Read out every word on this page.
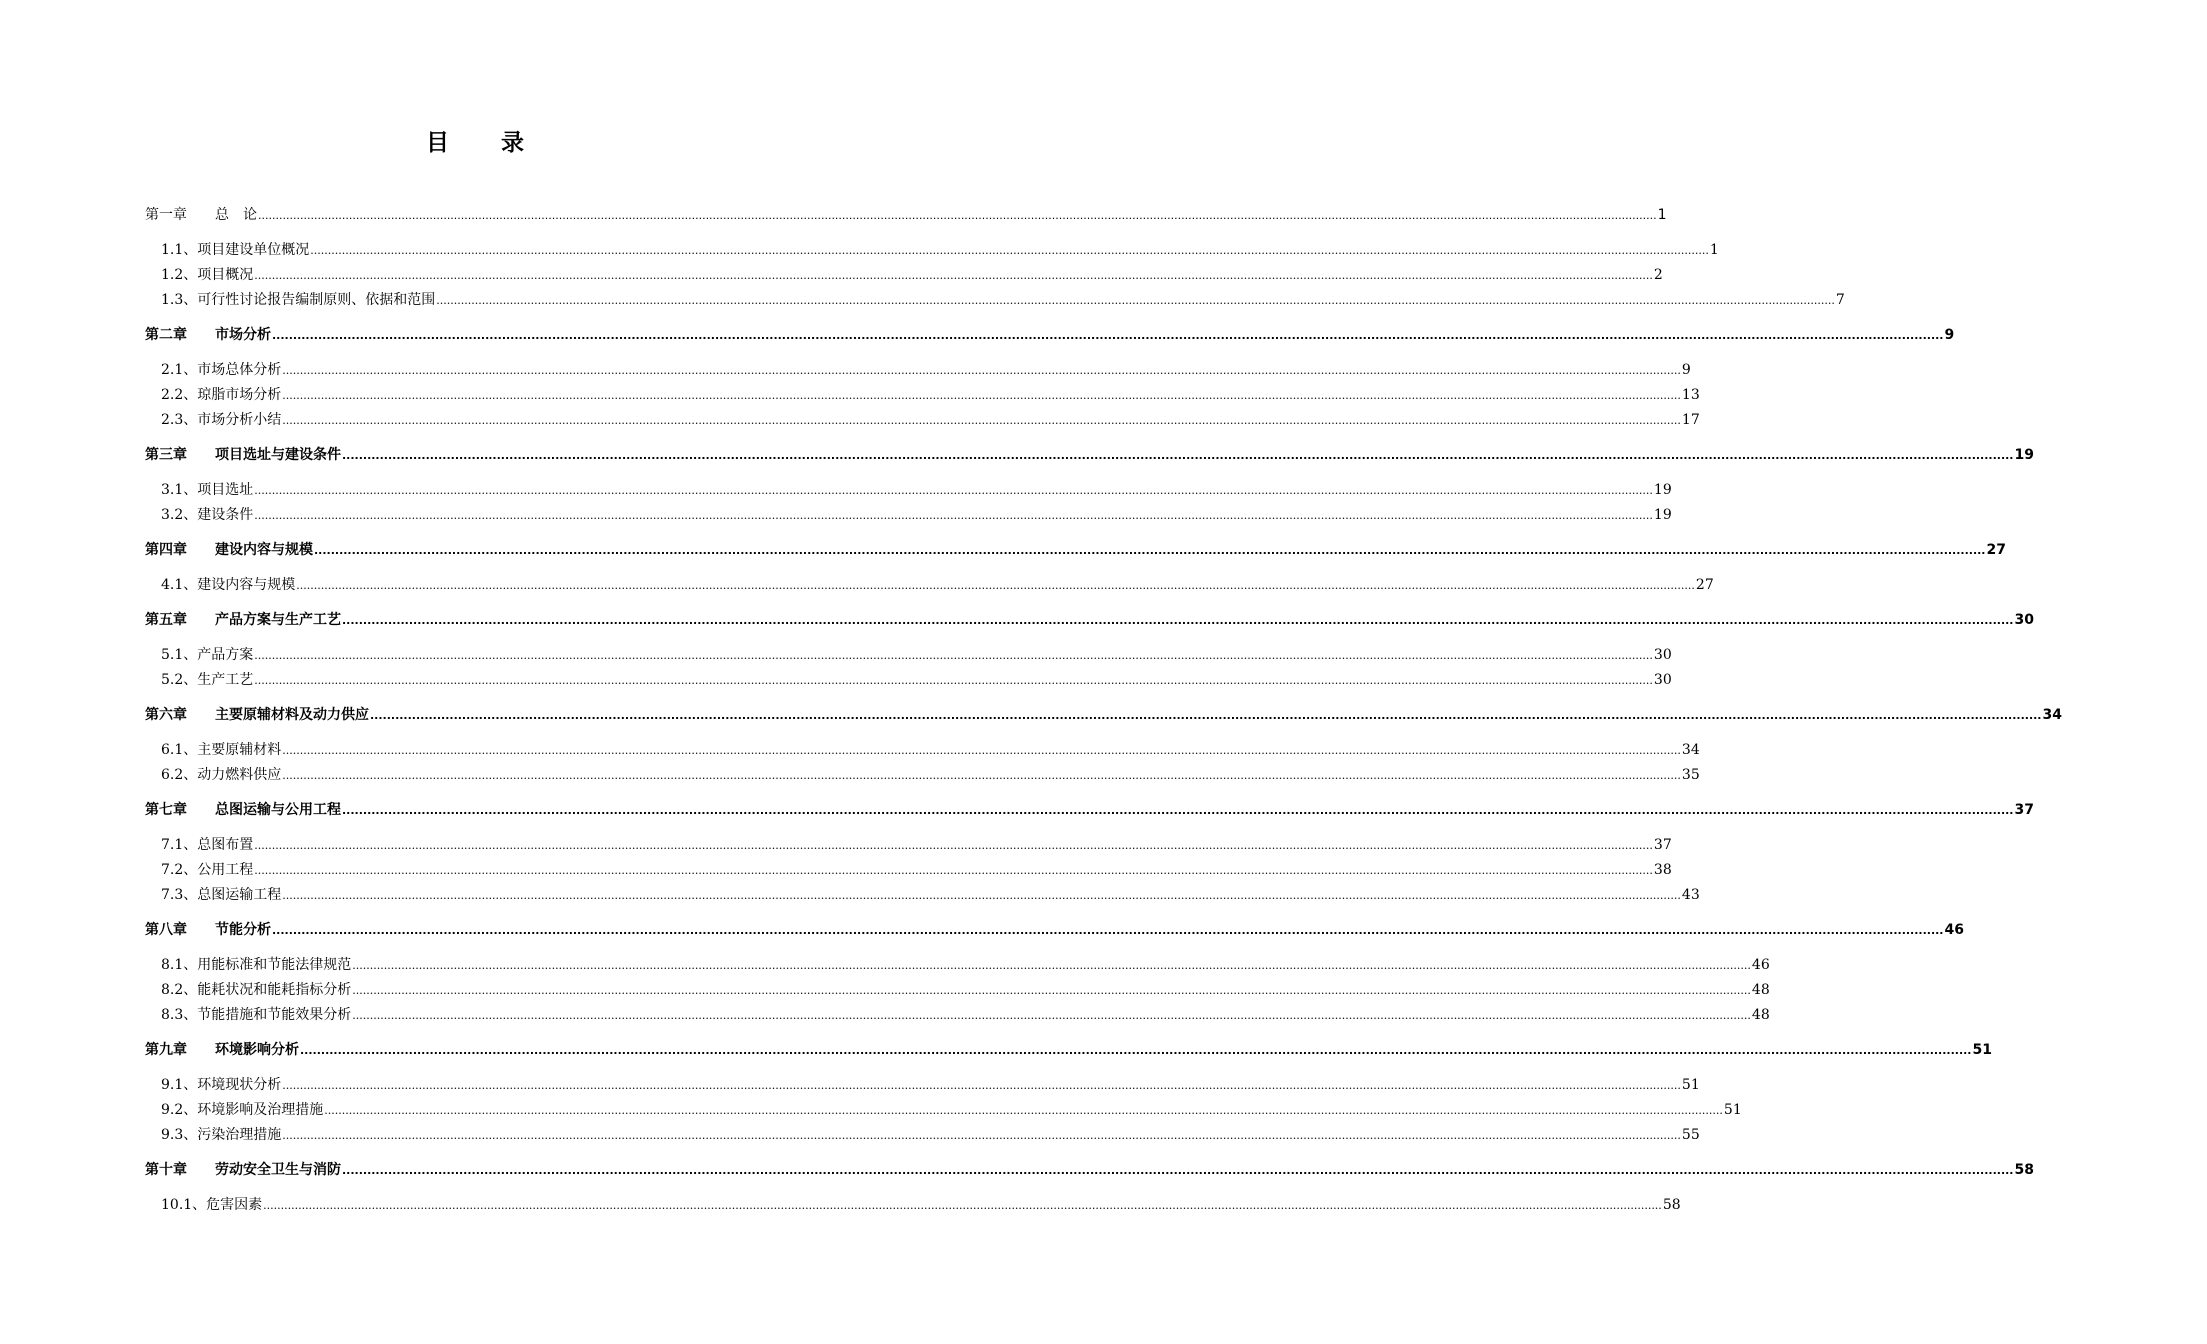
目 录
第一章 总　论 ................................................................................................................................................................................................................................................................................................................................................................................................................ 1
1.1、项目建设单位概况 ................................................................................................................................................................................................................................................................................................................................................................................................................ 1
1.2、项目概况 ................................................................................................................................................................................................................................................................................................................................................................................................................ 2
1.3、可行性讨论报告编制原则、依据和范围 ................................................................................................................................................................................................................................................................................................................................................................................................................ 7
第二章 市场分析 ................................................................................................................................................................................................................................................................................................................................................................................................................ 9
2.1、市场总体分析 ................................................................................................................................................................................................................................................................................................................................................................................................................ 9
2.2、琼脂市场分析 ................................................................................................................................................................................................................................................................................................................................................................................................................ 13
2.3、市场分析小结 ................................................................................................................................................................................................................................................................................................................................................................................................................ 17
第三章 项目选址与建设条件 ................................................................................................................................................................................................................................................................................................................................................................................................................ 19
3.1、项目选址 ................................................................................................................................................................................................................................................................................................................................................................................................................ 19
3.2、建设条件 ................................................................................................................................................................................................................................................................................................................................................................................................................ 19
第四章 建设内容与规模 ................................................................................................................................................................................................................................................................................................................................................................................................................ 27
4.1、建设内容与规模 ................................................................................................................................................................................................................................................................................................................................................................................................................ 27
第五章 产品方案与生产工艺 ................................................................................................................................................................................................................................................................................................................................................................................................................ 30
5.1、产品方案 ................................................................................................................................................................................................................................................................................................................................................................................................................ 30
5.2、生产工艺 ................................................................................................................................................................................................................................................................................................................................................................................................................ 30
第六章 主要原辅材料及动力供应 ................................................................................................................................................................................................................................................................................................................................................................................................................ 34
6.1、主要原辅材料 ................................................................................................................................................................................................................................................................................................................................................................................................................ 34
6.2、动力燃料供应 ................................................................................................................................................................................................................................................................................................................................................................................................................ 35
第七章 总图运输与公用工程 ................................................................................................................................................................................................................................................................................................................................................................................................................ 37
7.1、总图布置 ................................................................................................................................................................................................................................................................................................................................................................................................................ 37
7.2、公用工程 ................................................................................................................................................................................................................................................................................................................................................................................................................ 38
7.3、总图运输工程 ................................................................................................................................................................................................................................................................................................................................................................................................................ 43
第八章 节能分析 ................................................................................................................................................................................................................................................................................................................................................................................................................ 46
8.1、用能标准和节能法律规范 ................................................................................................................................................................................................................................................................................................................................................................................................................ 46
8.2、能耗状况和能耗指标分析 ................................................................................................................................................................................................................................................................................................................................................................................................................ 48
8.3、节能措施和节能效果分析 ................................................................................................................................................................................................................................................................................................................................................................................................................ 48
第九章 环境影响分析 ................................................................................................................................................................................................................................................................................................................................................................................................................ 51
9.1、环境现状分析 ................................................................................................................................................................................................................................................................................................................................................................................................................ 51
9.2、环境影响及治理措施 ................................................................................................................................................................................................................................................................................................................................................................................................................ 51
9.3、污染治理措施 ................................................................................................................................................................................................................................................................................................................................................................................................................ 55
第十章 劳动安全卫生与消防 ................................................................................................................................................................................................................................................................................................................................................................................................................ 58
10.1、危害因素 ................................................................................................................................................................................................................................................................................................................................................................................................................ 58
